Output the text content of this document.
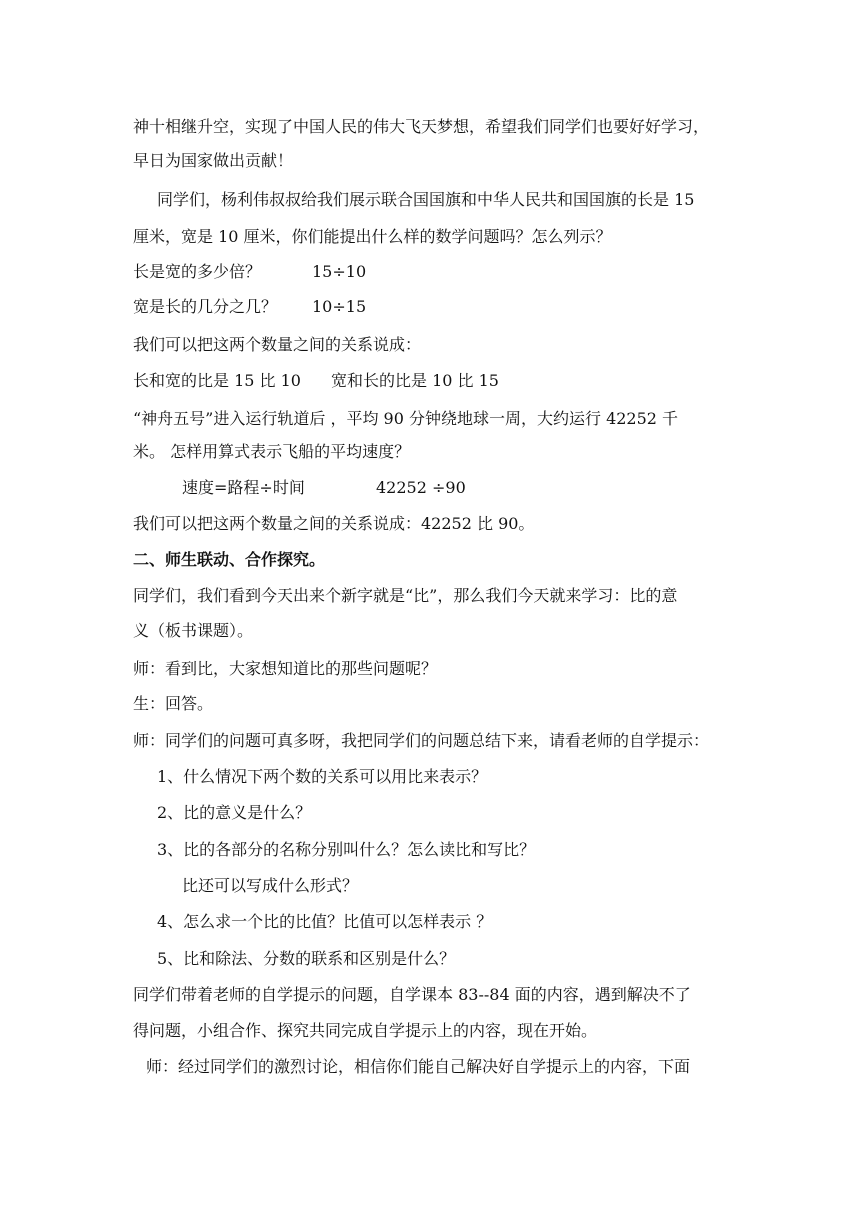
神十相继升空，实现了中国人民的伟大飞天梦想，希望我们同学们也要好好学习，
早日为国家做出贡献！
同学们，杨利伟叔叔给我们展示联合国国旗和中华人民共和国国旗的长是 15
厘米，宽是 10 厘米，你们能提出什么样的数学问题吗？怎么列示？
长是宽的多少倍？	15÷10
宽是长的几分之几？ 10÷15
我们可以把这两个数量之间的关系说成：
长和宽的比是 15 比 10 宽和长的比是 10 比 15
“神舟五号”进入运行轨道后 ，平均 90 分钟绕地球一周，大约运行 42252 千
米。 怎样用算式表示飞船的平均速度？
速度=路程÷时间	42252 ÷90
我们可以把这两个数量之间的关系说成：42252 比 90。
二、师生联动、合作探究。
同学们，我们看到今天出来个新字就是“比”，那么我们今天就来学习：比的意
义（板书课题）。
师：看到比，大家想知道比的那些问题呢？
生：回答。
师：同学们的问题可真多呀，我把同学们的问题总结下来，请看老师的自学提示：
1、什么情况下两个数的关系可以用比来表示？
2、比的意义是什么？
3、比的各部分的名称分别叫什么？怎么读比和写比？
比还可以写成什么形式？
4、怎么求一个比的比值？比值可以怎样表示 ？
5、比和除法、分数的联系和区别是什么？
同学们带着老师的自学提示的问题，自学课本 83--84 面的内容，遇到解决不了
得问题，小组合作、探究共同完成自学提示上的内容，现在开始。
师：经过同学们的激烈讨论，相信你们能自己解决好自学提示上的内容，下面
